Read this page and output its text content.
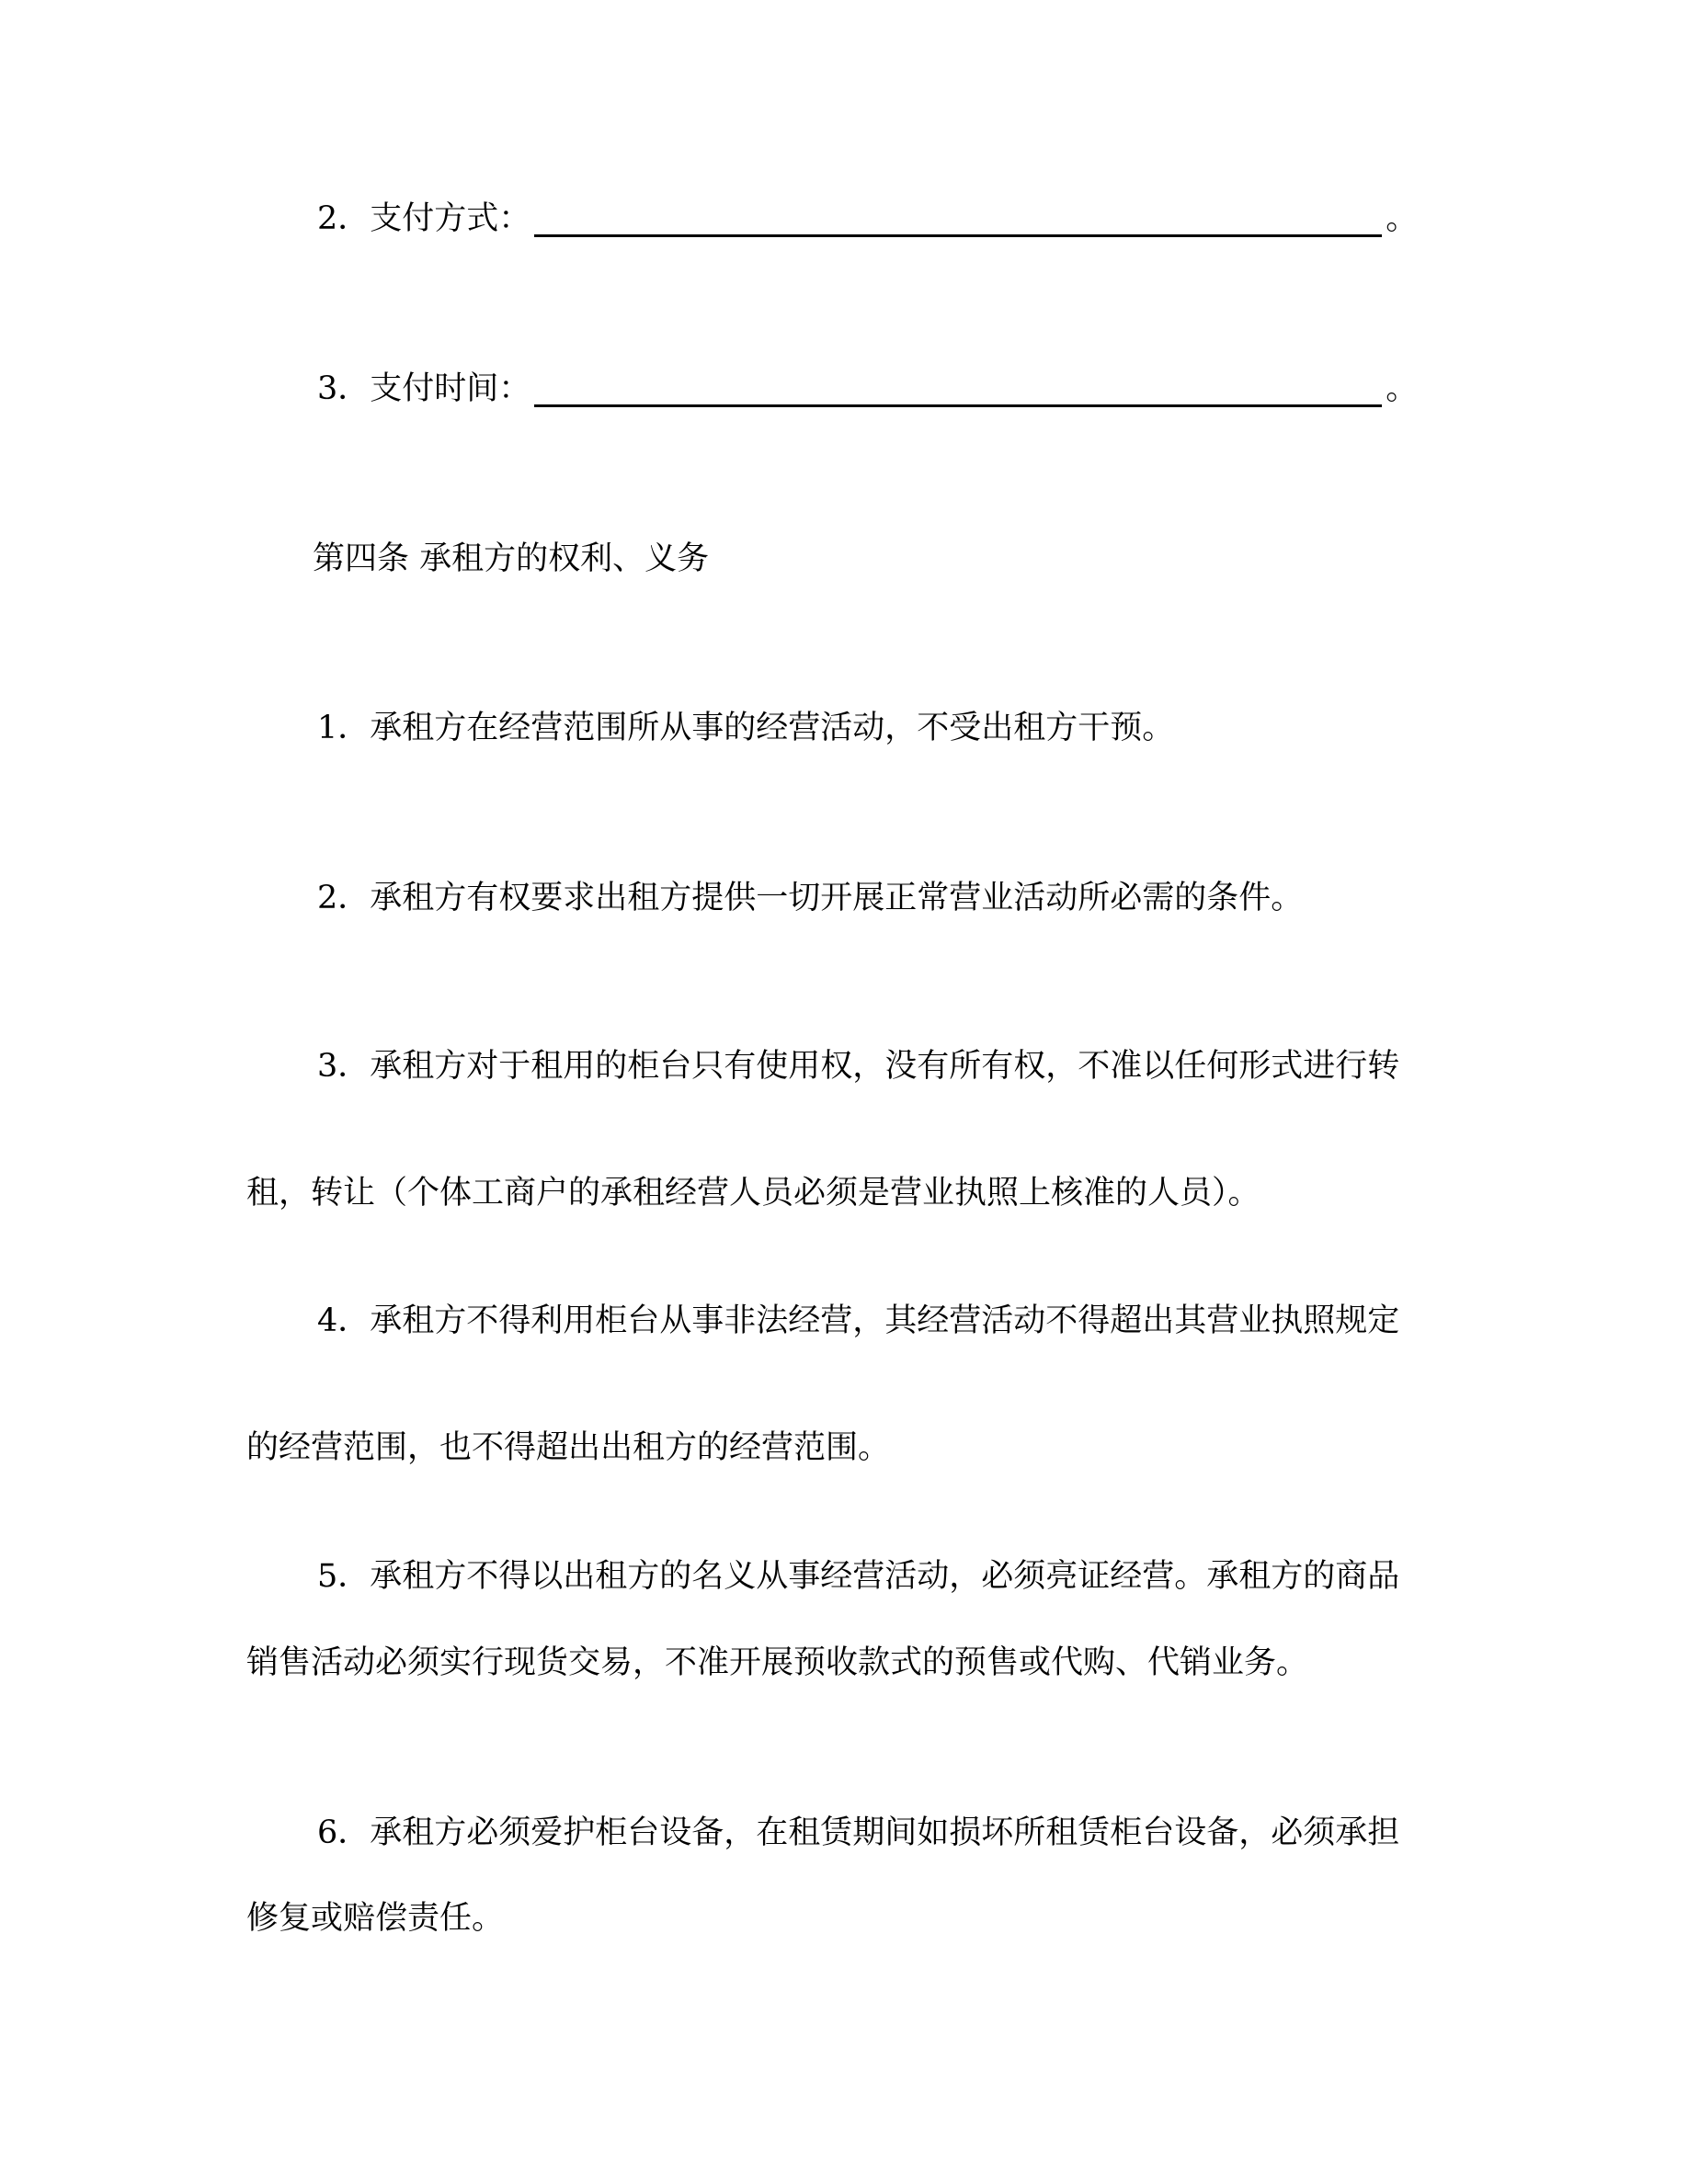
2．支付方式：	。
3．支付时间：	。
第四条 承租方的权利、义务
1．承租方在经营范围所从事的经营活动，不受出租方干预。
2．承租方有权要求出租方提供一切开展正常营业活动所必需的条件。
3．承租方对于租用的柜台只有使用权，没有所有权，不准以任何形式进行转
租，转让（个体工商户的承租经营人员必须是营业执照上核准的人员）。
4．承租方不得利用柜台从事非法经营，其经营活动不得超出其营业执照规定
的经营范围，也不得超出出租方的经营范围。
5．承租方不得以出租方的名义从事经营活动，必须亮证经营。承租方的商品
销售活动必须实行现货交易，不准开展预收款式的预售或代购、代销业务。
6．承租方必须爱护柜台设备，在租赁期间如损坏所租赁柜台设备，必须承担
修复或赔偿责任。
